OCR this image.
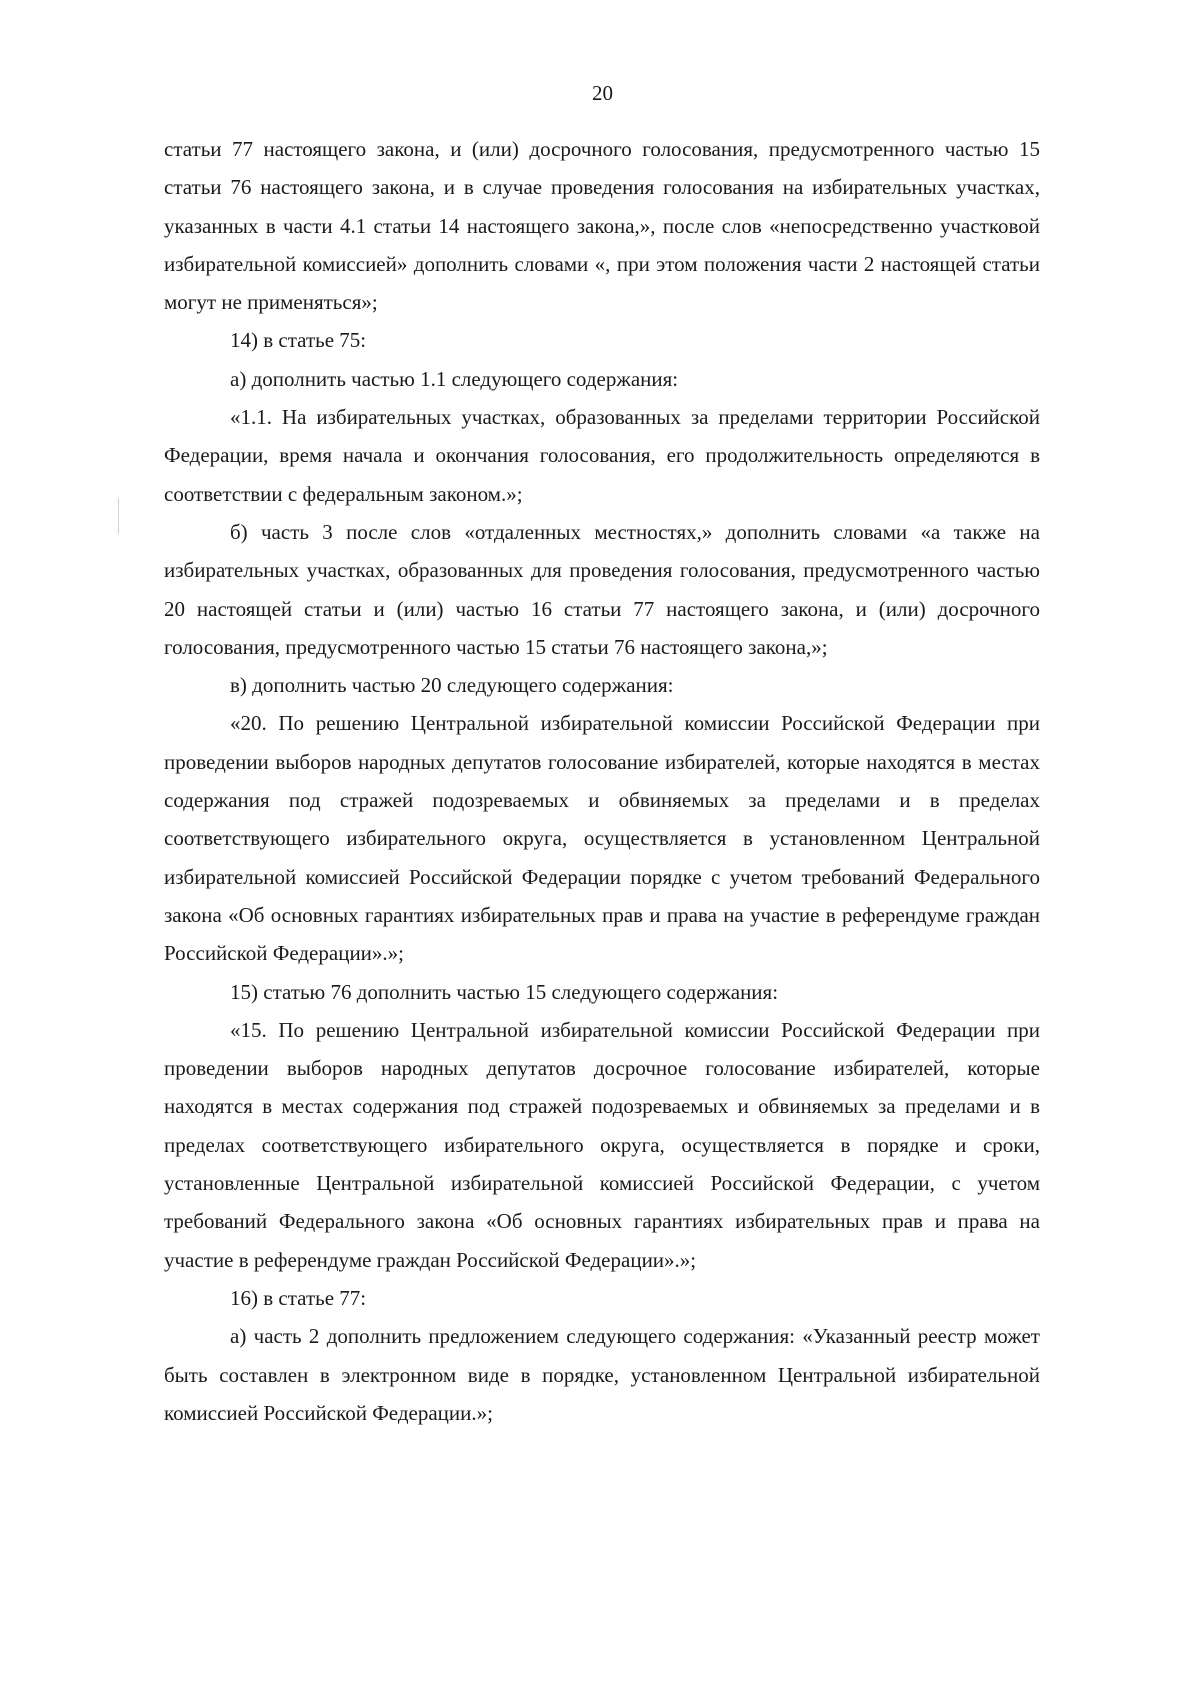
20

статьи 77 настоящего закона, и (или) досрочного голосования, предусмотренного частью 15 статьи 76 настоящего закона, и в случае проведения голосования на избирательных участках, указанных в части 4.1 статьи 14 настоящего закона,», после слов «непосредственно участковой избирательной комиссией» дополнить словами «, при этом положения части 2 настоящей статьи могут не применяться»;

14) в статье 75:

а) дополнить частью 1.1 следующего содержания:

«1.1. На избирательных участках, образованных за пределами территории Российской Федерации, время начала и окончания голосования, его продолжительность определяются в соответствии с федеральным законом.»;

б) часть 3 после слов «отдаленных местностях,» дополнить словами «а также на избирательных участках, образованных для проведения голосования, предусмотренного частью 20 настоящей статьи и (или) частью 16 статьи 77 настоящего закона, и (или) досрочного голосования, предусмотренного частью 15 статьи 76 настоящего закона,»;

в) дополнить частью 20 следующего содержания:

«20. По решению Центральной избирательной комиссии Российской Федерации при проведении выборов народных депутатов голосование избирателей, которые находятся в местах содержания под стражей подозреваемых и обвиняемых за пределами и в пределах соответствующего избирательного округа, осуществляется в установленном Центральной избирательной комиссией Российской Федерации порядке с учетом требований Федерального закона «Об основных гарантиях избирательных прав и права на участие в референдуме граждан Российской Федерации».»;

15) статью 76 дополнить частью 15 следующего содержания:

«15. По решению Центральной избирательной комиссии Российской Федерации при проведении выборов народных депутатов досрочное голосование избирателей, которые находятся в местах содержания под стражей подозреваемых и обвиняемых за пределами и в пределах соответствующего избирательного округа, осуществляется в порядке и сроки, установленные Центральной избирательной комиссией Российской Федерации, с учетом требований Федерального закона «Об основных гарантиях избирательных прав и права на участие в референдуме граждан Российской Федерации».»;

16) в статье 77:

а) часть 2 дополнить предложением следующего содержания: «Указанный реестр может быть составлен в электронном виде в порядке, установленном Центральной избирательной комиссией Российской Федерации.»;
